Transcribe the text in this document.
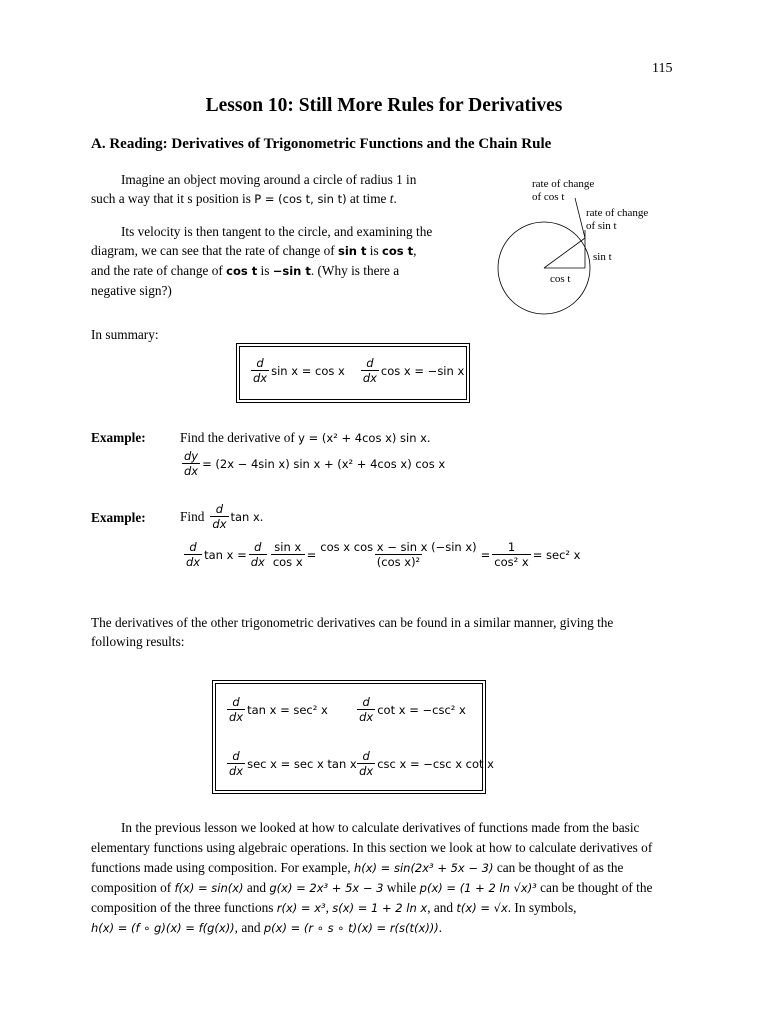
115
Lesson 10: Still More Rules for Derivatives
A. Reading: Derivatives of Trigonometric Functions and the Chain Rule
Imagine an object moving around a circle of radius 1 in
such a way that it s position is P = (cos t, sin t) at time t.
Its velocity is then tangent to the circle, and examining the
diagram, we can see that the rate of change of sin t is cos t,
and the rate of change of cos t is −sin t. (Why is there a
negative sign?)
rate of change
of cos t
rate of change
of sin t
sin t
cos t
In summary:
$\frac{d}{dx}$ sin x = cos x $\frac{d}{dx}$ cos x = −sin x
Example:	Find the derivative of y = (x² + 4cos x) sin x.
$\frac{dy}{dx} = (2x - 4\sin$ x) sin x + (x² + 4cos x) cos x
Example:	Find $\frac{d}{dx}$ tan x .
$\frac{d}{dx}$ $\tan x = \frac{d}{dx} \frac{\text{sin x}}{\text{cos x}} = \frac{\text{cos x cos x − sin x (−sin x)}}{\text{(cos x)²}} = \frac{1}{\text{cos² x}} = \sec^2$ x
The derivatives of the other trigonometric derivatives can be found in a similar manner, giving the
following results:
$\frac{d}{dx}$ tan x = sec² x	$\frac{d}{dx}$ cot x = −csc² x
$\frac{d}{dx}$ sec x = sec x tan x $\frac{d}{dx}$ csc x = −csc x cot x
In the previous lesson we looked at how to calculate derivatives of functions made from the basic
elementary functions using algebraic operations. In this section we look at how to calculate derivatives of
functions made using composition. For example, h(x) = sin(2x³ + 5x − 3) can be thought of as the
composition of f(x) = sin(x) and g(x) = 2x³ + 5x − 3 while p(x) = (1 + 2 ln √x)³ can be thought of the
composition of the three functions r(x) = x³, s(x) = 1 + 2 ln x, and t(x) = √x. In symbols,
h(x) = (f ∘ g)(x) = f(g(x)), and p(x) = (r ∘ s ∘ t)(x) = r(s(t(x))).
